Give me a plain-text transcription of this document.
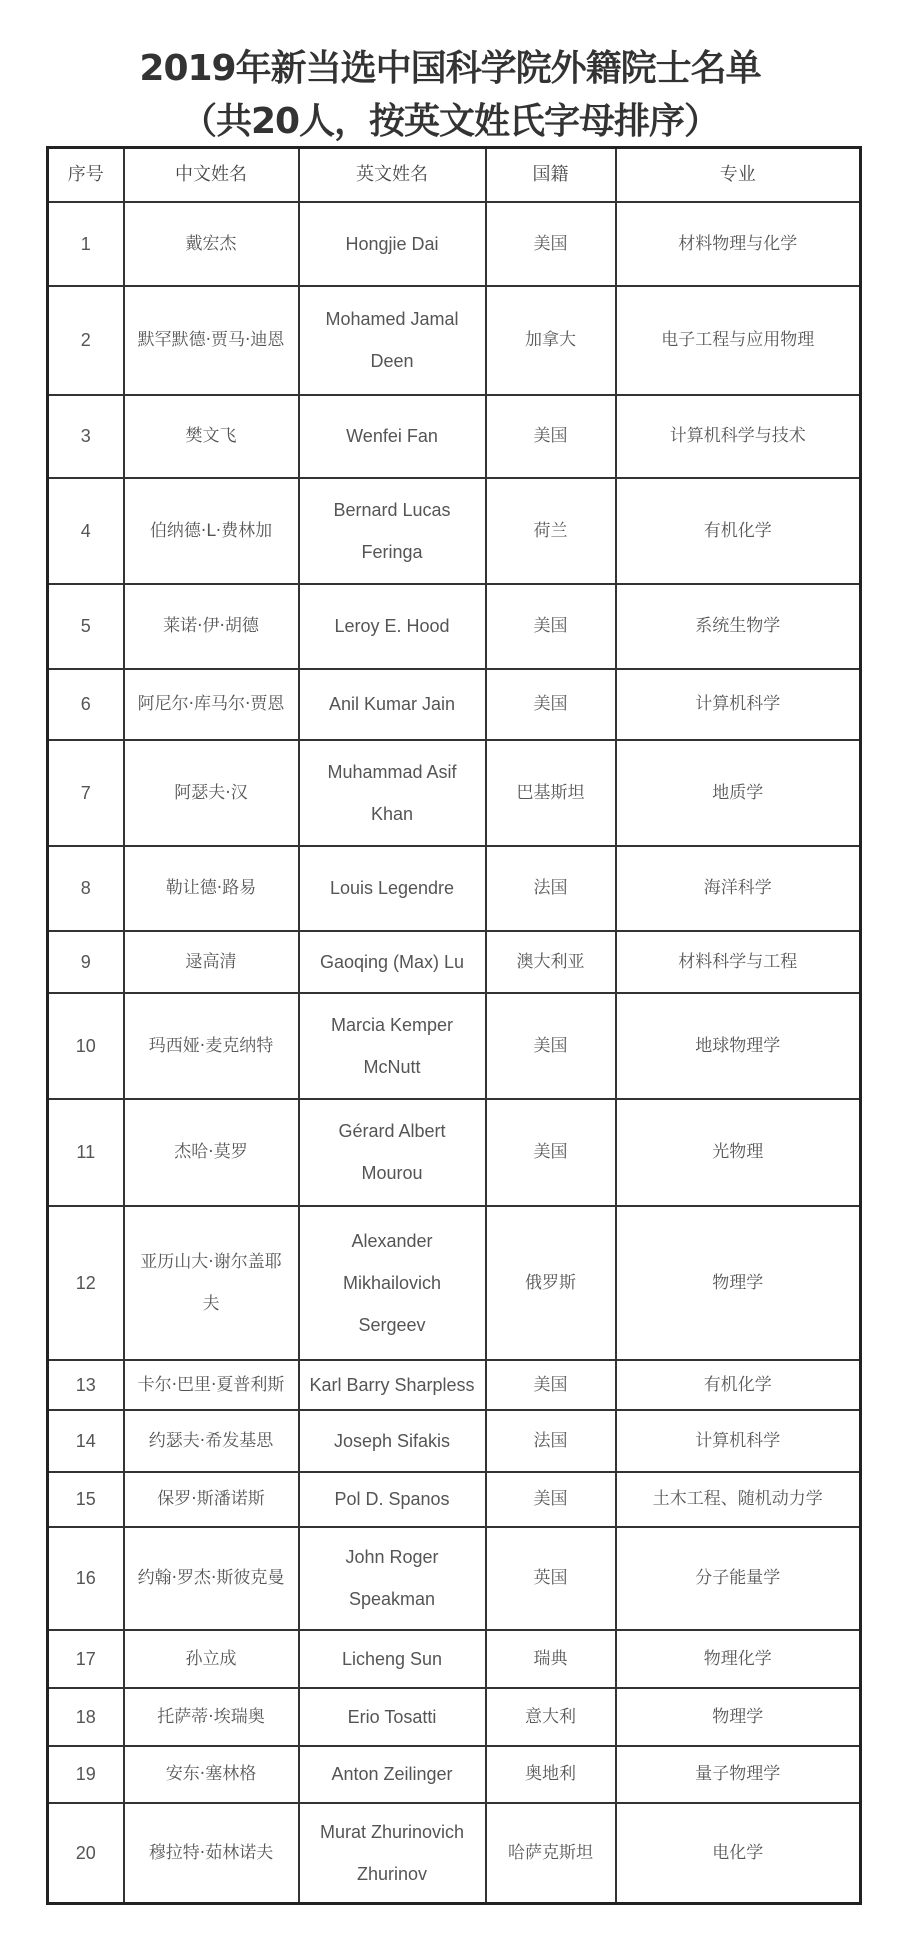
2019年新当选中国科学院外籍院士名单
（共20人，按英文姓氏字母排序）
序号	中文姓名	英文姓名	国籍	专业
1	戴宏杰	Hongjie Dai	美国	材料物理与化学
2	默罕默德·贾马·迪恩	Mohamed Jamal
Deen	加拿大	电子工程与应用物理
3	樊文飞	Wenfei Fan	美国	计算机科学与技术
4	伯纳德·L·费林加	Bernard Lucas
Feringa	荷兰	有机化学
5	莱诺·伊·胡德	Leroy E. Hood	美国	系统生物学
6	阿尼尔·库马尔·贾恩	Anil Kumar Jain	美国	计算机科学
7	阿瑟夫·汉	Muhammad Asif
Khan	巴基斯坦	地质学
8	勒让德·路易	Louis Legendre	法国	海洋科学
9	逯高清	Gaoqing (Max) Lu	澳大利亚	材料科学与工程
10	玛西娅·麦克纳特	Marcia Kemper
McNutt	美国	地球物理学
11	杰哈·莫罗	Gérard Albert
Mourou	美国	光物理
12	亚历山大·谢尔盖耶
夫	Alexander
Mikhailovich
Sergeev	俄罗斯	物理学
13	卡尔·巴里·夏普利斯	Karl Barry Sharpless	美国	有机化学
14	约瑟夫·希发基思	Joseph Sifakis	法国	计算机科学
15	保罗·斯潘诺斯	Pol D. Spanos	美国	土木工程、随机动力学
16	约翰·罗杰·斯彼克曼	John Roger
Speakman	英国	分子能量学
17	孙立成	Licheng Sun	瑞典	物理化学
18	托萨蒂·埃瑞奥	Erio Tosatti	意大利	物理学
19	安东·塞林格	Anton Zeilinger	奥地利	量子物理学
20	穆拉特·茹林诺夫	Murat Zhurinovich
Zhurinov	哈萨克斯坦	电化学
